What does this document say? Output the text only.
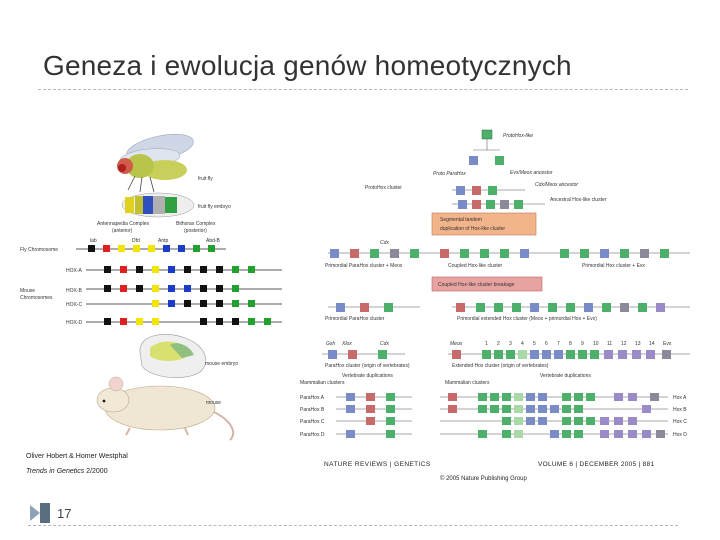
Geneza i ewolucja genów homeotycznych
fruit fly
fruit fly embryo
Antennapedia Complex
(anterior)
Bithorax Complex
(posterior)
lab	Dfd	Antp	Abd-B
Fly Chromosome
HOX-A
HOX-B
HOX-C
HOX-D
Mouse
Chromosomes
mouse embryo
mouse
ProtoHox-like
Proto ParaHox	Evx/Meox ancestor
Cdx/Meox ancestor
ProtoHox cluster
Ancestral Hox-like cluster
Segmental tandem
duplication of Hox-like cluster
Cdx
Primordial ParaHox cluster + Meox	Coupled Hox-like cluster	Primordial Hox cluster + Evx
Coupled Hox-like cluster breakage
Primordial ParaHox cluster	Primordial extended Hox cluster (Meox + primordial Hox + Evx)
Gsh Xlox	Cdx	Meox	1 2 3 4 5 6 7 8 9 10 11 12 13 14 Evx
ParaHox cluster (origin of vertebrates)	Extended Hox cluster (origin of vertebrates)
Vertebrate duplications	Vertebrate duplications
Mammalian clusters	Mammalian clusters
ParaHox A
ParaHox B
ParaHox C
ParaHox D
Hox A
Hox B
Hox C
Hox D
Oliver Hobert & Homer Westphal
Trends in Genetics 2/2000
NATURE REVIEWS | GENETICS	VOLUME 6 | DECEMBER 2005 | 881
© 2005 Nature Publishing Group
17
